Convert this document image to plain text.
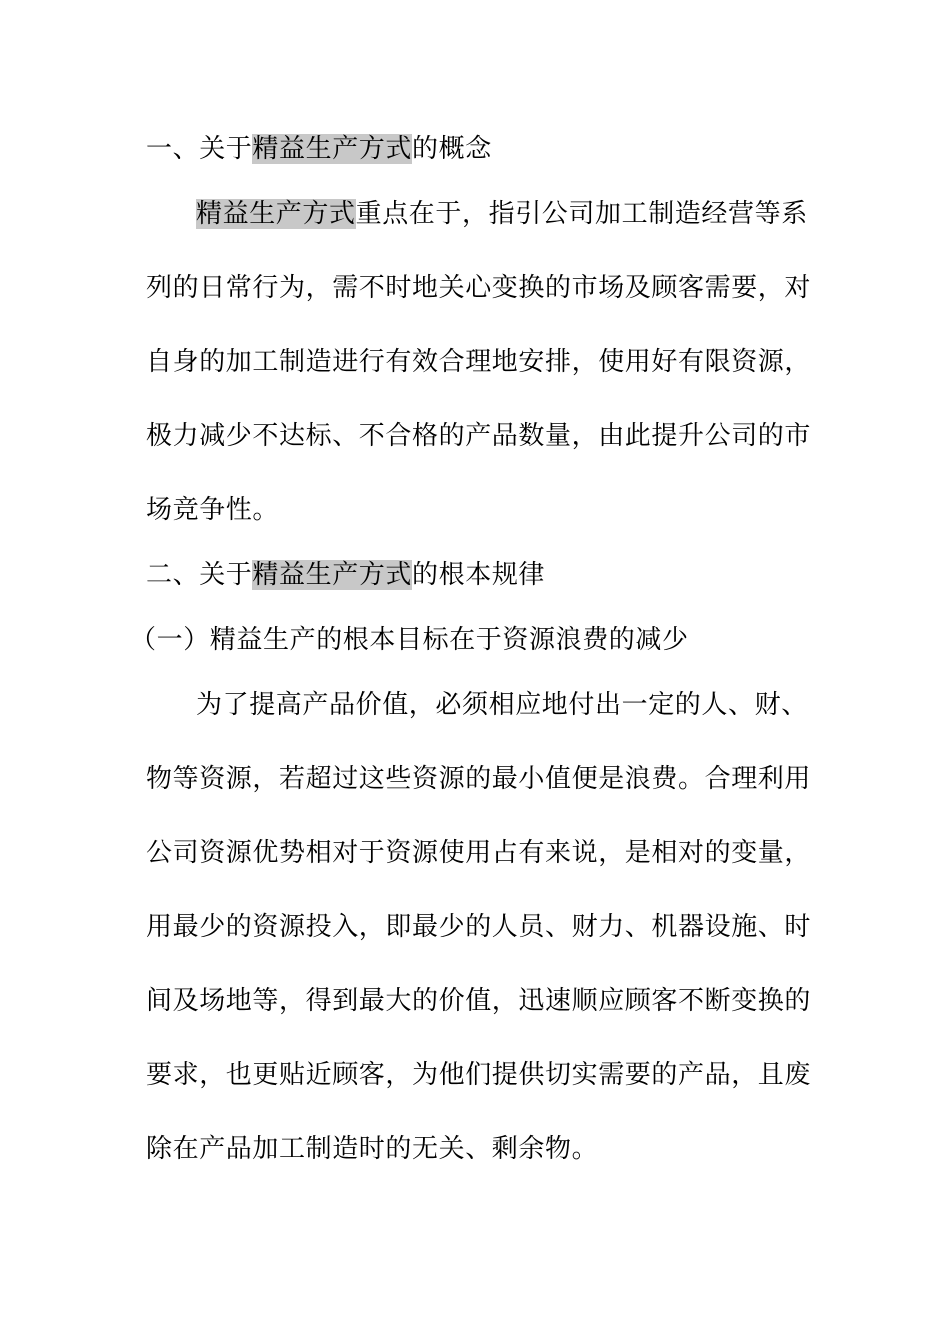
一、关于精益生产方式的概念
精益生产方式重点在于，指引公司加工制造经营等系
列的日常行为，需不时地关心变换的市场及顾客需要，对
自身的加工制造进行有效合理地安排，使用好有限资源，
极力减少不达标、不合格的产品数量，由此提升公司的市
场竞争性。
二、关于精益生产方式的根本规律
（一）精益生产的根本目标在于资源浪费的减少
为了提高产品价值，必须相应地付出一定的人、财、
物等资源，若超过这些资源的最小值便是浪费。合理利用
公司资源优势相对于资源使用占有来说，是相对的变量，
用最少的资源投入，即最少的人员、财力、机器设施、时
间及场地等，得到最大的价值，迅速顺应顾客不断变换的
要求，也更贴近顾客，为他们提供切实需要的产品，且废
除在产品加工制造时的无关、剩余物。
